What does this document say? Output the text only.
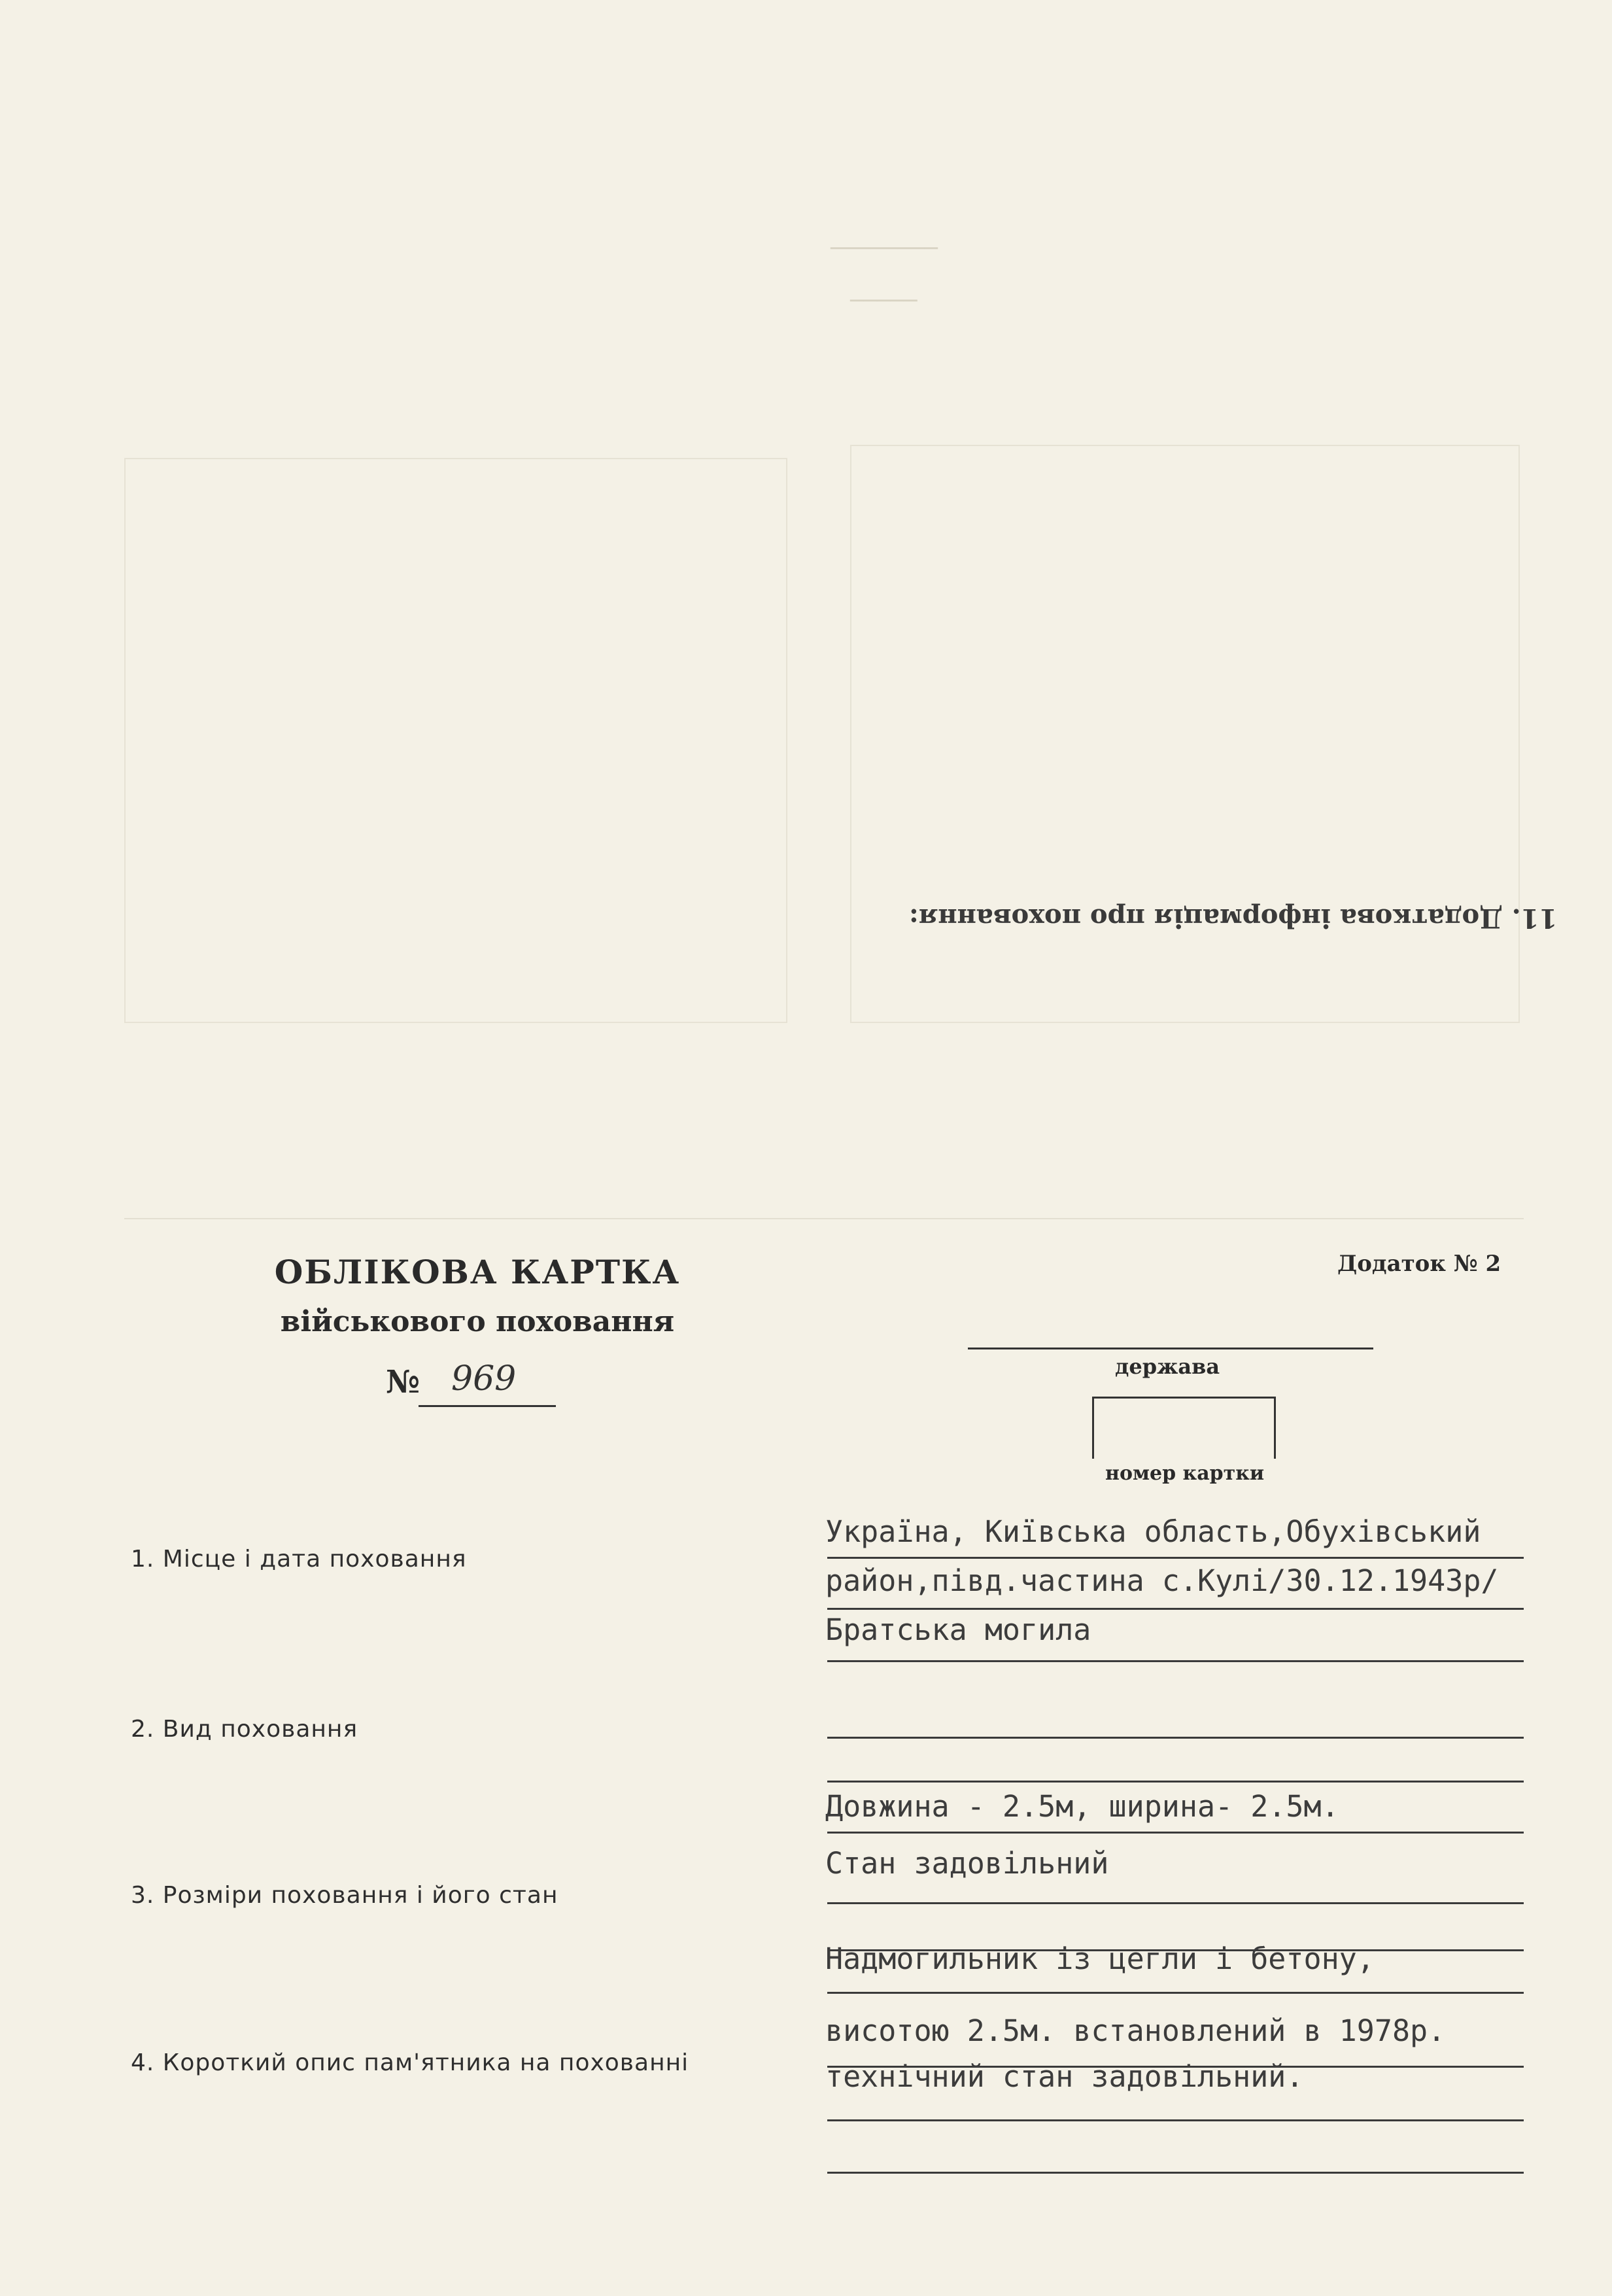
────────
─────
11. Додаткова інформація про поховання:
ОБЛІКОВА КАРТКА
військового поховання
№ 969
Додаток № 2
держава
номер картки
1. Місце і дата поховання
Україна, Київська область,Обухівський
район,півд.частина с.Кулі/30.12.1943р/
Братська могила
2. Вид поховання
Довжина - 2.5м, ширина- 2.5м.
Стан задовільний
3. Розміри поховання і його стан
Надмогильник із цегли і бетону,
висотою 2.5м. встановлений в 1978р.
4. Короткий опис пам'ятника на похованні	технічний стан задовільний.
